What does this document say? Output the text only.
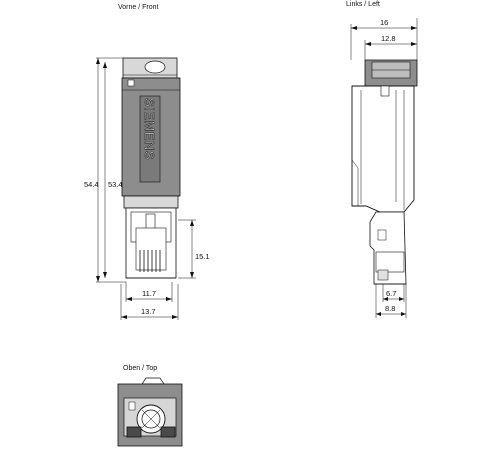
Vorne / Front
SIEMENS
54.4 53.4
15.1
11.7
13.7
Links / Left
16
12.8
6.7
8.8
Oben / Top
